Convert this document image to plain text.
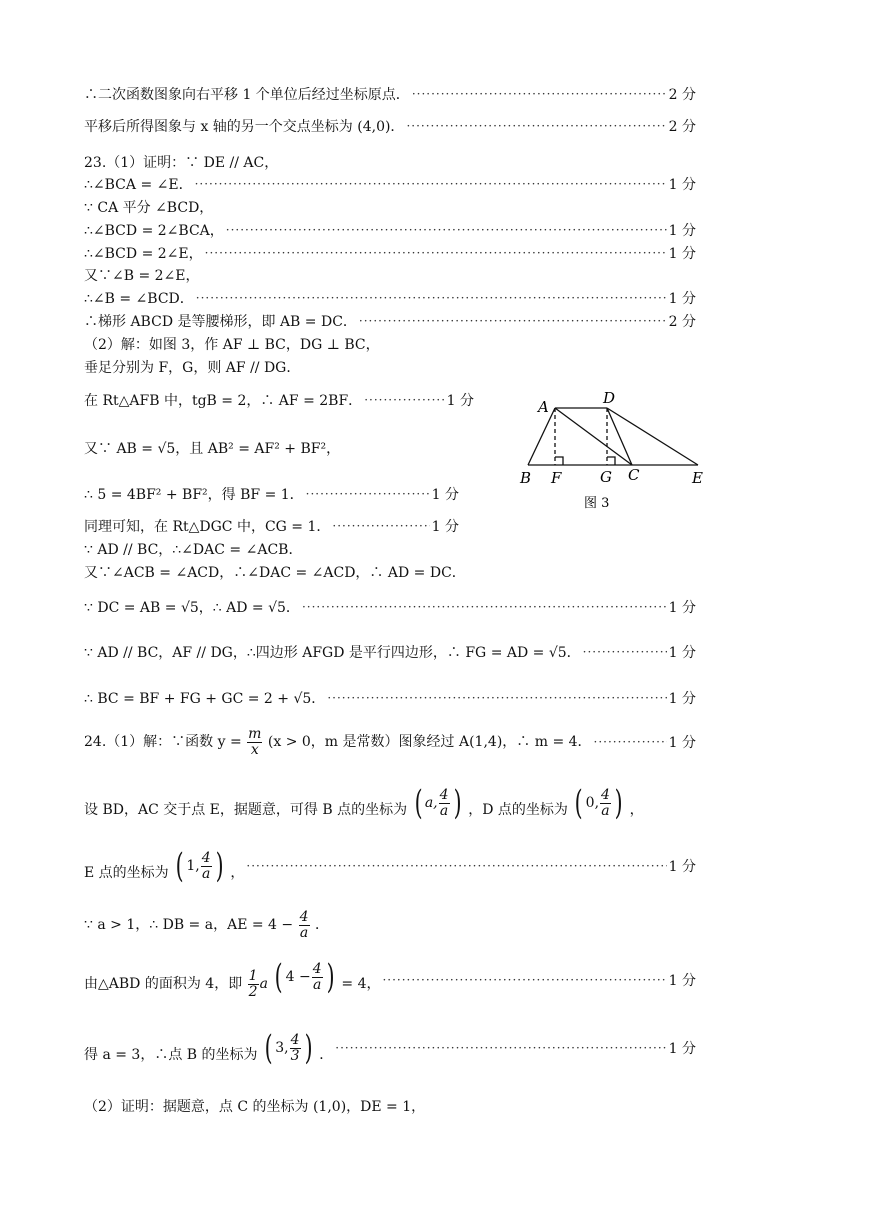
∴二次函数图象向右平移 1 个单位后经过坐标原点． ·····	2 分
平移后所得图象与 x 轴的另一个交点坐标为 (4,0)． ·····	2 分
23.（1）证明：∵ DE // AC，
∴∠BCA = ∠E． ·····	1 分
∵ CA 平分 ∠BCD，
∴∠BCD = 2∠BCA， ·····	1 分
∴∠BCD = 2∠E， ·····	1 分
又∵∠B = 2∠E，
∴∠B = ∠BCD． ·····	1 分
∴梯形 ABCD 是等腰梯形，即 AB = DC． ·····	2 分
（2）解：如图 3，作 AF ⊥ BC，DG ⊥ BC，
垂足分别为 F，G，则 AF // DG．
在 Rt△AFB 中，tgB = 2，∴ AF = 2BF． ·····	1 分
又∵ AB = √5，且 AB² = AF² + BF²，
∴ 5 = 4BF² + BF²，得 BF = 1． ·····	1 分
同理可知，在 Rt△DGC 中，CG = 1． ·····	1 分
∵ AD // BC，∴∠DAC = ∠ACB．
又∵∠ACB = ∠ACD，∴∠DAC = ∠ACD，∴ AD = DC．
∵ DC = AB = √5，∴ AD = √5． ·····	1 分
∵ AD // BC，AF // DG，∴四边形 AFGD 是平行四边形，∴ FG = AD = √5． ·····	1 分
∴ BC = BF + FG + GC = 2 + √5． ·····	1 分
24.（1）解：∵函数 $y = \frac{m}{x} (x > 0$，m 是常数）图象经过 A(1,4)，∴ m = 4． ·····	1 分
设 BD，AC 交于点 E，据题意，可得 B 点的坐标为 ( a, $\frac{4}{a}$ ) ，D 点的坐标为 ( 0, $\frac{4}{a}$ ) ，
E 点的坐标为 ( 1, $\frac{4}{a}$ ) ， ·····	1 分
∵ a > 1，∴ DB = a，AE = $4 - \frac{4}{a}$ ．
由△ABD 的面积为 4，即 $\frac{1}{2}$ a ( $4 - \frac{4}{a}$ ) = 4， ·····	1 分
得 a = 3，∴点 B 的坐标为 ( 3, $\frac{4}{3}$ ) ． ·····	1 分
（2）证明：据题意，点 C 的坐标为 (1,0)，DE = 1，
A	D
B F	G C	E
图 3
